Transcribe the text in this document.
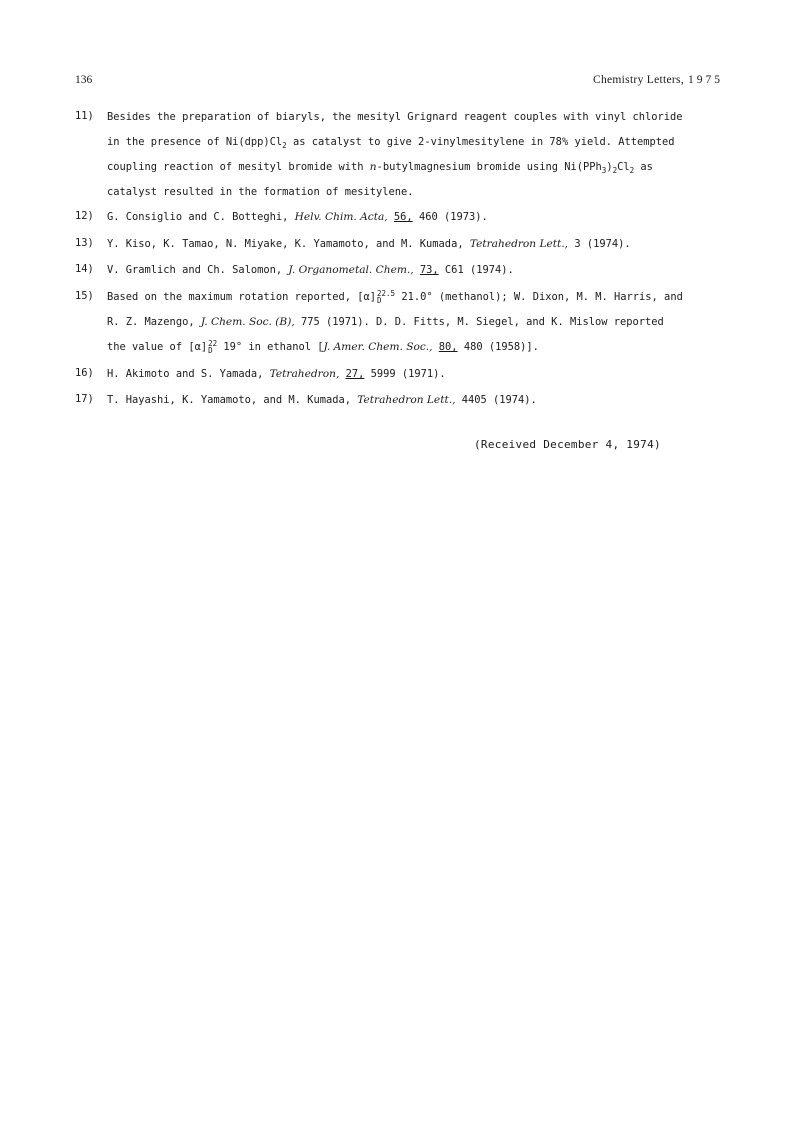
136	Chemistry Letters, 1975
11)	Besides the preparation of biaryls, the mesityl Grignard reagent couples with vinyl chloride
in the presence of $Ni(dpp)Cl_2$ as catalyst to give 2-vinylmesitylene in 78% yield. Attempted
coupling reaction of mesityl bromide with n-butylmagnesium bromide using $Ni(PPh_3)_2Cl_2$ as
catalyst resulted in the formation of mesitylene.
12)	G. Consiglio and C. Botteghi, Helv. Chim. Acta, 56, 460 (1973).
13)	Y. Kiso, K. Tamao, N. Miyake, K. Yamamoto, and M. Kumada, Tetrahedron Lett., 3 (1974).
14)	V. Gramlich and Ch. Salomon, J. Organometal. Chem., 73, C61 (1974).
15)	Based on the maximum rotation reported, [α] 22.5
D	21.0° (methanol); W. Dixon, M. M. Harris, and
R. Z. Mazengo, J. Chem. Soc. (B), 775 (1971). D. D. Fitts, M. Siegel, and K. Mislow reported
the value of [α] 22
D 19° in ethanol [J. Amer. Chem. Soc., 80, 480 (1958)].
16)	H. Akimoto and S. Yamada, Tetrahedron, 27, 5999 (1971).
17)	T. Hayashi, K. Yamamoto, and M. Kumada, Tetrahedron Lett., 4405 (1974).
(Received December 4, 1974)
